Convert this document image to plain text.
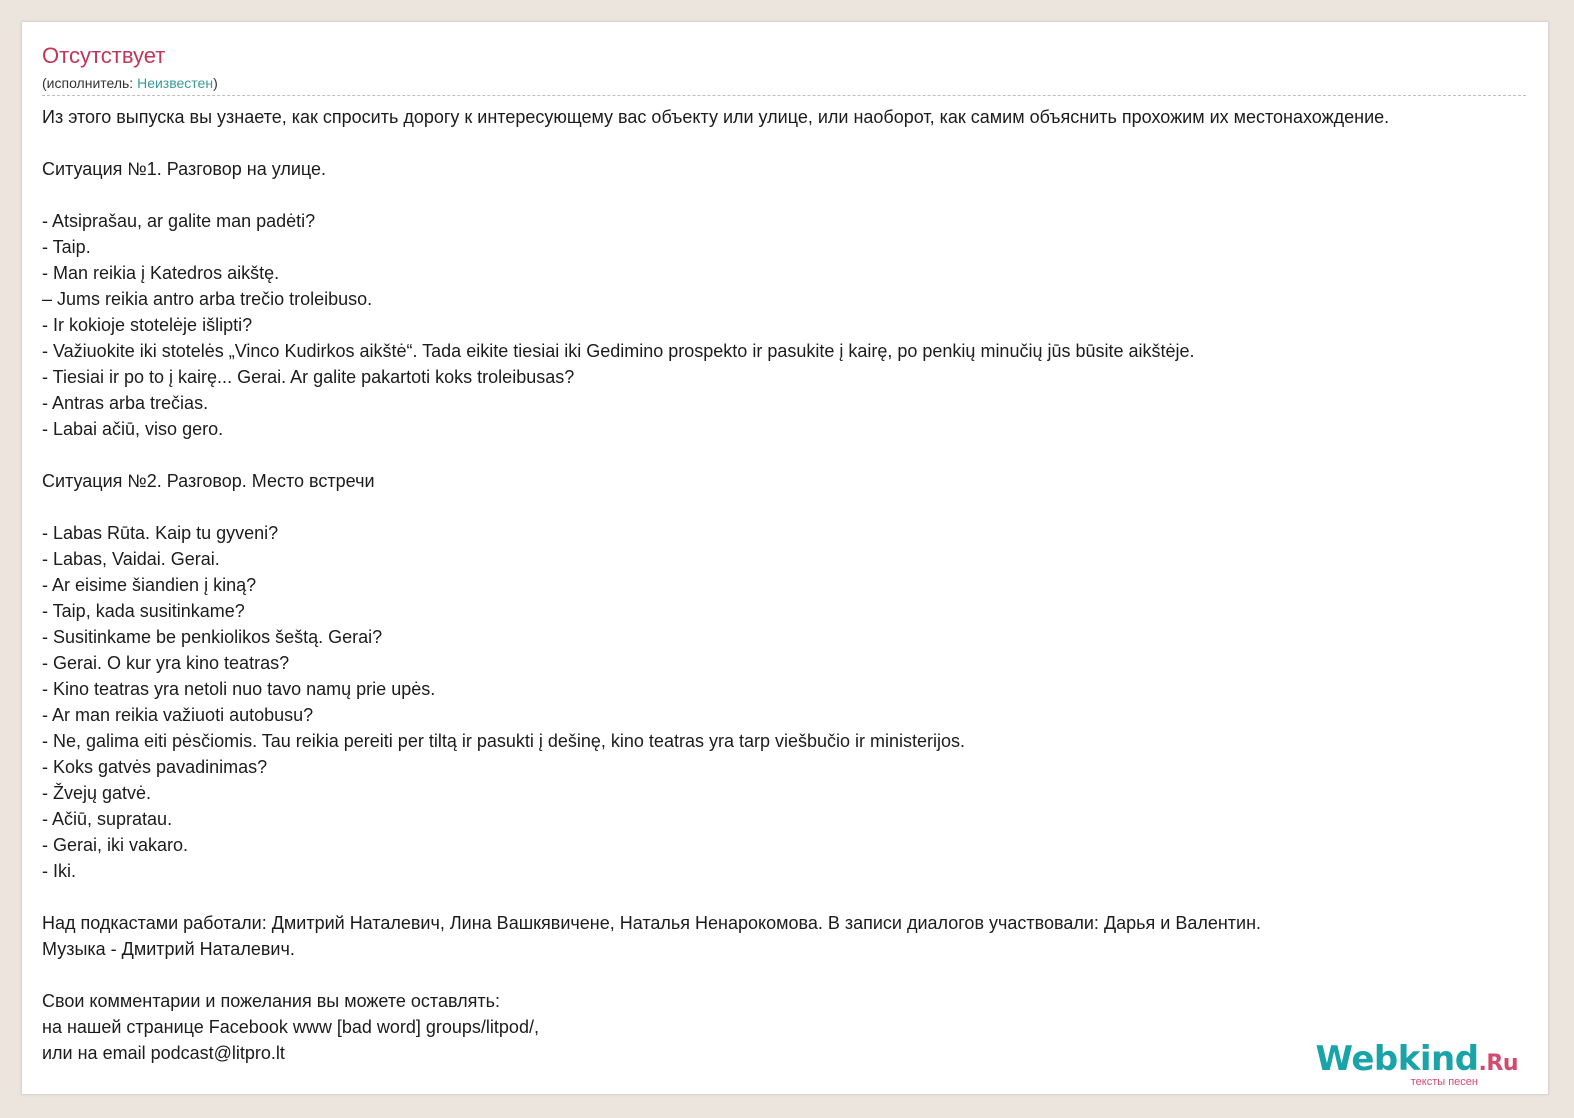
Отсутствует
(исполнитель: Неизвестен)
Из этого выпуска вы узнаете, как спросить дорогу к интересующему вас объекту или улице, или наоборот, как самим объяснить прохожим их местонахождение.
Ситуация №1. Разговор на улице.
- Atsiprašau, ar galite man padėti?
- Taip.
- Man reikia į Katedros aikštę.
– Jums reikia antro arba trečio troleibuso.
- Ir kokioje stotelėje išlipti?
- Važiuokite iki stotelės „Vinco Kudirkos aikštė“. Tada eikite tiesiai iki Gedimino prospekto ir pasukite į kairę, po penkių minučių jūs būsite aikštėje.
- Tiesiai ir po to į kairę... Gerai. Ar galite pakartoti koks troleibusas?
- Antras arba trečias.
- Labai ačiū, viso gero.
Ситуация №2. Разговор. Место встречи
- Labas Rūta. Kaip tu gyveni?
- Labas, Vaidai. Gerai.
- Ar eisime šiandien į kiną?
- Taip, kada susitinkame?
- Susitinkame be penkiolikos šeštą. Gerai?
- Gerai. O kur yra kino teatras?
- Kino teatras yra netoli nuo tavo namų prie upės.
- Ar man reikia važiuoti autobusu?
- Ne, galima eiti pėsčiomis. Tau reikia pereiti per tiltą ir pasukti į dešinę, kino teatras yra tarp viešbučio ir ministerijos.
- Koks gatvės pavadinimas?
- Žvejų gatvė.
- Ačiū, supratau.
- Gerai, iki vakaro.
- Iki.
Над подкастами работали: Дмитрий Наталевич, Лина Вашкявичене, Наталья Ненарокомова. В записи диалогов участвовали: Дарья и Валентин.
Музыка - Дмитрий Наталевич.
Свои комментарии и пожелания вы можете оставлять:
на нашей странице Facebook www [bad word] groups/litpod/,
или на email podcast@litpro.lt	Webkind.Ru
тексты песен
